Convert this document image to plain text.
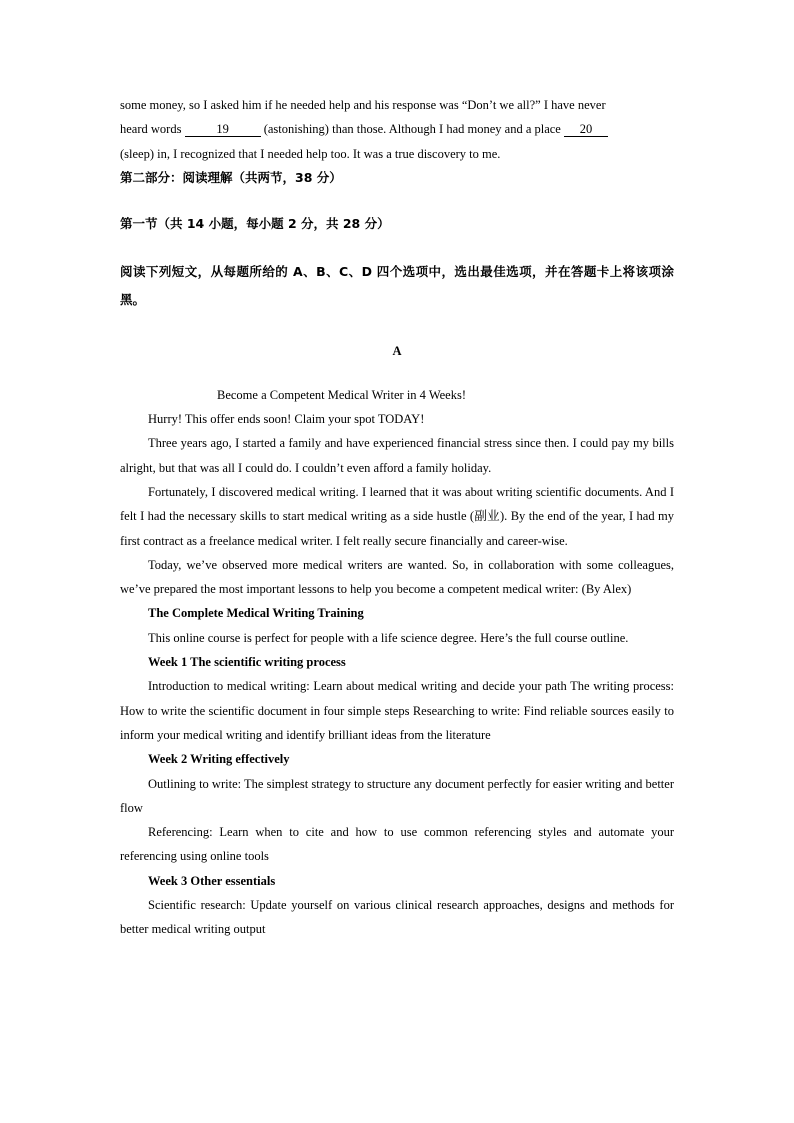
some money, so I asked him if he needed help and his response was “Don’t we all?” I have never

heard words	19	(astonishing) than those. Although I had money and a place 20

(sleep) in, I recognized that I needed help too. It was a true discovery to me.

第二部分：阅读理解（共两节，38 分）

第一节（共 14 小题，每小题 2 分，共 28 分）

阅读下列短文，从每题所给的 A、B、C、D 四个选项中，选出最佳选项，并在答题卡上将该项涂黑。

A

Become a Competent Medical Writer in 4 Weeks!

Hurry! This offer ends soon! Claim your spot TODAY!

Three years ago, I started a family and have experienced financial stress since then. I could pay my bills alright, but that was all I could do. I couldn’t even afford a family holiday.

Fortunately, I discovered medical writing. I learned that it was about writing scientific documents. And I felt I had the necessary skills to start medical writing as a side hustle (副业). By the end of the year, I had my first contract as a freelance medical writer. I felt really secure financially and career-wise.

Today, we’ve observed more medical writers are wanted. So, in collaboration with some colleagues, we’ve prepared the most important lessons to help you become a competent medical writer: (By Alex)

The Complete Medical Writing Training

This online course is perfect for people with a life science degree. Here’s the full course outline.

Week 1 The scientific writing process

Introduction to medical writing: Learn about medical writing and decide your path The writing process: How to write the scientific document in four simple steps Researching to write: Find reliable sources easily to inform your medical writing and identify brilliant ideas from the literature

Week 2 Writing effectively

Outlining to write: The simplest strategy to structure any document perfectly for easier writing and better flow

Referencing: Learn when to cite and how to use common referencing styles and automate your referencing using online tools

Week 3 Other essentials

Scientific research: Update yourself on various clinical research approaches, designs and methods for better medical writing output
